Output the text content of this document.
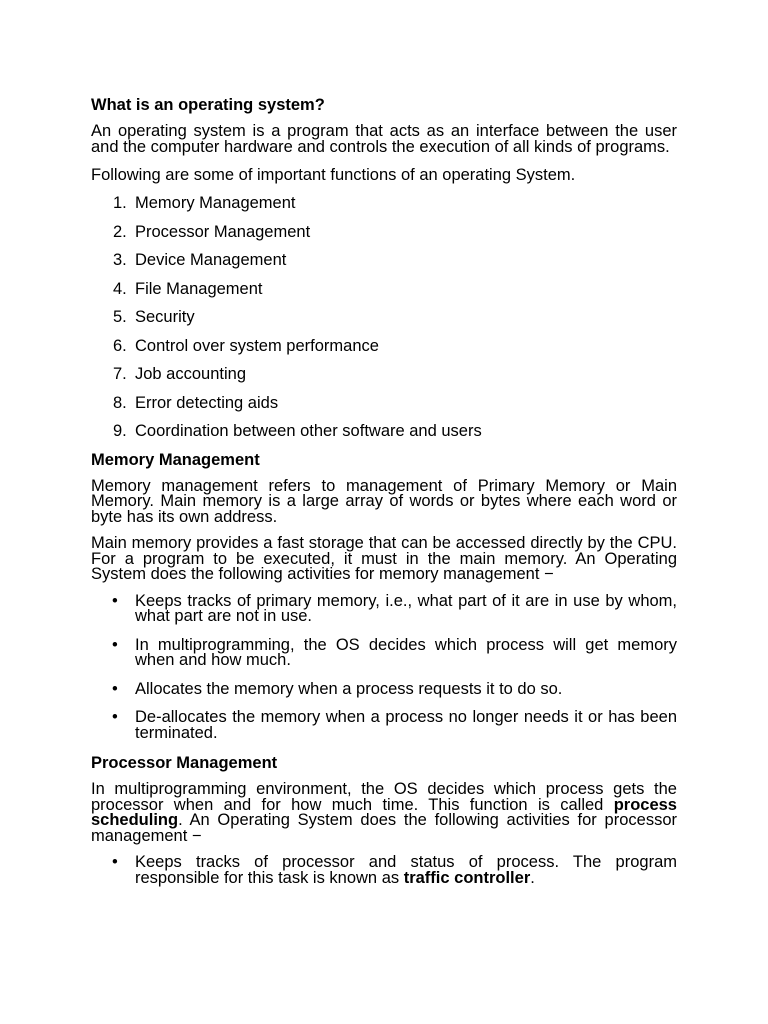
What is an operating system?
An operating system is a program that acts as an interface between the user and the computer hardware and controls the execution of all kinds of programs.
Following are some of important functions of an operating System.
1. Memory Management
2. Processor Management
3. Device Management
4. File Management
5. Security
6. Control over system performance
7. Job accounting
8. Error detecting aids
9. Coordination between other software and users
Memory Management
Memory management refers to management of Primary Memory or Main Memory. Main memory is a large array of words or bytes where each word or byte has its own address.
Main memory provides a fast storage that can be accessed directly by the CPU. For a program to be executed, it must in the main memory. An Operating System does the following activities for memory management −
• Keeps tracks of primary memory, i.e., what part of it are in use by whom, what part are not in use.
• In multiprogramming, the OS decides which process will get memory when and how much.
• Allocates the memory when a process requests it to do so.
• De-allocates the memory when a process no longer needs it or has been terminated.
Processor Management
In multiprogramming environment, the OS decides which process gets the processor when and for how much time. This function is called process scheduling. An Operating System does the following activities for processor management −
• Keeps tracks of processor and status of process. The program responsible for this task is known as traffic controller.
